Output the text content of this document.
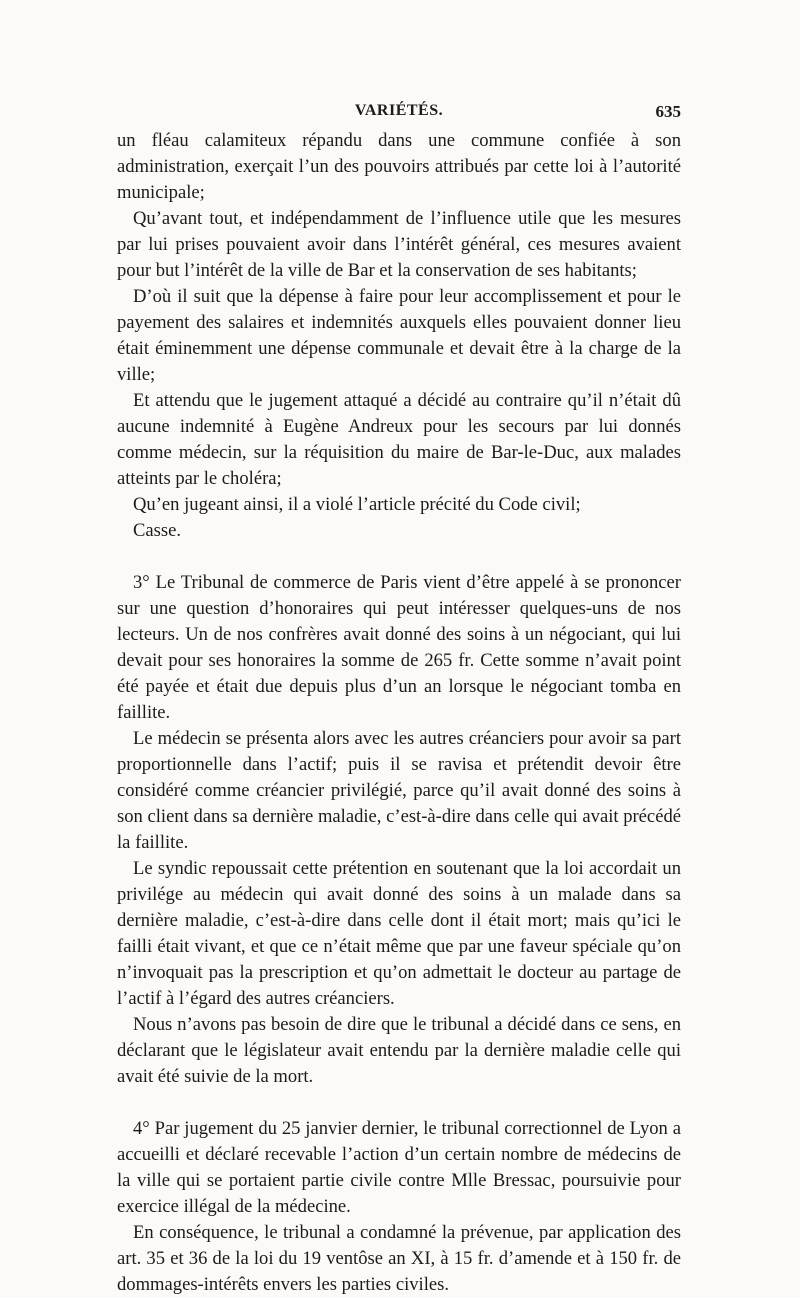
VARIÉTÉS.	635

un fléau calamiteux répandu dans une commune confiée à son administration, exerçait l’un des pouvoirs attribués par cette loi à l’autorité municipale;

Qu’avant tout, et indépendamment de l’influence utile que les mesures par lui prises pouvaient avoir dans l’intérêt général, ces mesures avaient pour but l’intérêt de la ville de Bar et la conservation de ses habitants;

D’où il suit que la dépense à faire pour leur accomplissement et pour le payement des salaires et indemnités auxquels elles pouvaient donner lieu était éminemment une dépense communale et devait être à la charge de la ville;

Et attendu que le jugement attaqué a décidé au contraire qu’il n’était dû aucune indemnité à Eugène Andreux pour les secours par lui donnés comme médecin, sur la réquisition du maire de Bar-le-Duc, aux malades atteints par le choléra;

Qu’en jugeant ainsi, il a violé l’article précité du Code civil;

Casse.

3° Le Tribunal de commerce de Paris vient d’être appelé à se prononcer sur une question d’honoraires qui peut intéresser quelques-uns de nos lecteurs. Un de nos confrères avait donné des soins à un négociant, qui lui devait pour ses honoraires la somme de 265 fr. Cette somme n’avait point été payée et était due depuis plus d’un an lorsque le négociant tomba en faillite.

Le médecin se présenta alors avec les autres créanciers pour avoir sa part proportionnelle dans l’actif; puis il se ravisa et prétendit devoir être considéré comme créancier privilégié, parce qu’il avait donné des soins à son client dans sa dernière maladie, c’est-à-dire dans celle qui avait précédé la faillite.

Le syndic repoussait cette prétention en soutenant que la loi accordait un privilége au médecin qui avait donné des soins à un malade dans sa dernière maladie, c’est-à-dire dans celle dont il était mort; mais qu’ici le failli était vivant, et que ce n’était même que par une faveur spéciale qu’on n’invoquait pas la prescription et qu’on admettait le docteur au partage de l’actif à l’égard des autres créanciers.

Nous n’avons pas besoin de dire que le tribunal a décidé dans ce sens, en déclarant que le législateur avait entendu par la dernière maladie celle qui avait été suivie de la mort.

4° Par jugement du 25 janvier dernier, le tribunal correctionnel de Lyon a accueilli et déclaré recevable l’action d’un certain nombre de médecins de la ville qui se portaient partie civile contre Mlle Bressac, poursuivie pour exercice illégal de la médecine.

En conséquence, le tribunal a condamné la prévenue, par application des art. 35 et 36 de la loi du 19 ventôse an XI, à 15 fr. d’amende et à 150 fr. de dommages-intérêts envers les parties civiles.
